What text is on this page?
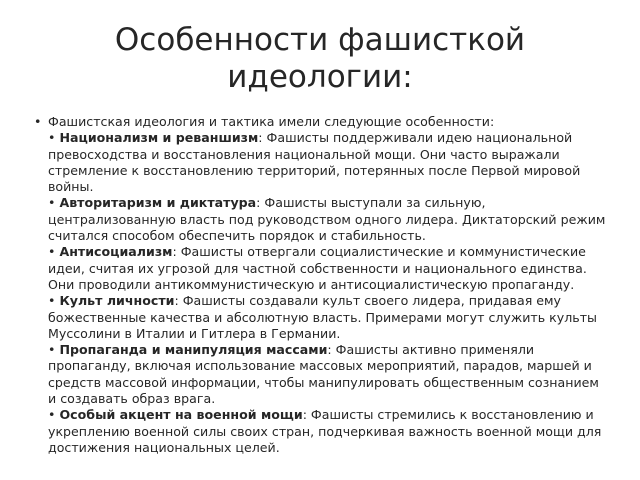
Особенности фашисткой идеологии:

• Фашистская идеология и тактика имели следующие особенности:

• Национализм и реваншизм: Фашисты поддерживали идею национальной превосходства и восстановления национальной мощи. Они часто выражали стремление к восстановлению территорий, потерянных после Первой мировой войны.

• Авторитаризм и диктатура: Фашисты выступали за сильную, централизованную власть под руководством одного лидера. Диктаторский режим считался способом обеспечить порядок и стабильность.

• Антисоциализм: Фашисты отвергали социалистические и коммунистические идеи, считая их угрозой для частной собственности и национального единства. Они проводили антикоммунистическую и антисоциалистическую пропаганду.

• Культ личности: Фашисты создавали культ своего лидера, придавая ему божественные качества и абсолютную власть. Примерами могут служить культы Муссолини в Италии и Гитлера в Германии.

• Пропаганда и манипуляция массами: Фашисты активно применяли пропаганду, включая использование массовых мероприятий, парадов, маршей и средств массовой информации, чтобы манипулировать общественным сознанием и создавать образ врага.

• Особый акцент на военной мощи: Фашисты стремились к восстановлению и укреплению военной силы своих стран, подчеркивая важность военной мощи для достижения национальных целей.
